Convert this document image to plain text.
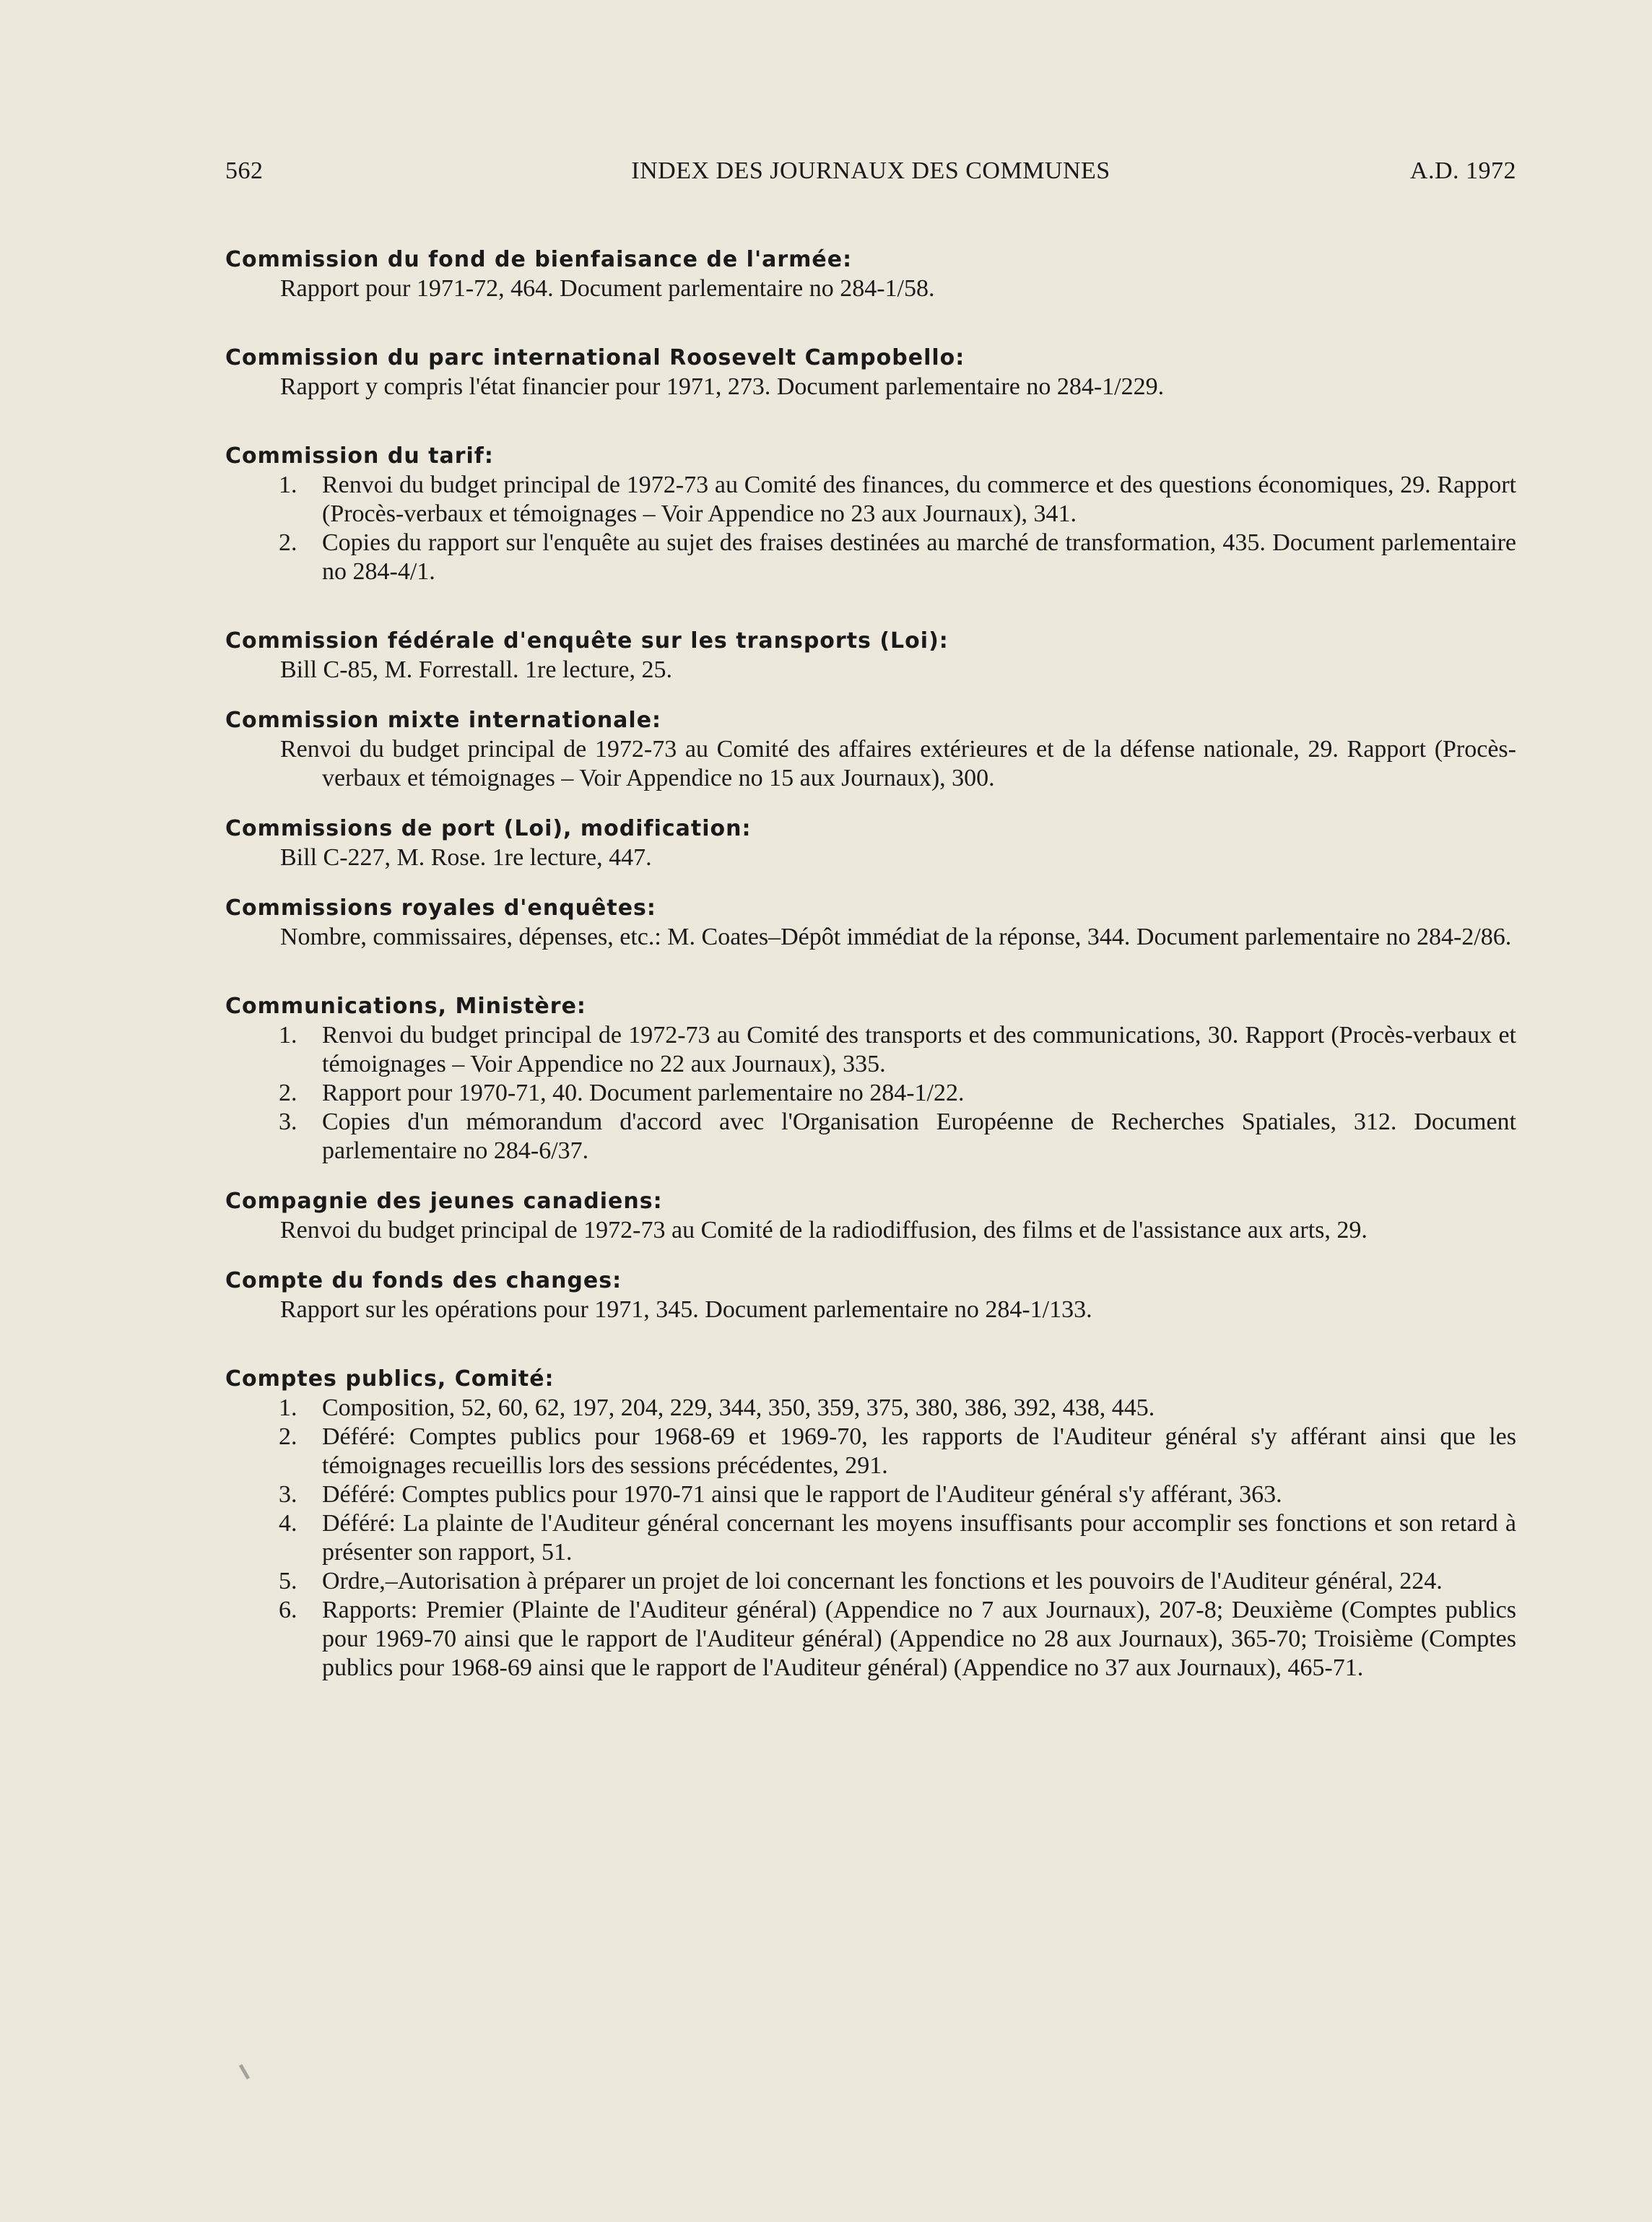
562	INDEX DES JOURNAUX DES COMMUNES	A.D. 1972
Commission du fond de bienfaisance de l'armée:
Rapport pour 1971-72, 464. Document parlementaire no 284-1/58.
Commission du parc international Roosevelt Campobello:
Rapport y compris l'état financier pour 1971, 273. Document parlementaire no 284-1/229.
Commission du tarif:
1. Renvoi du budget principal de 1972-73 au Comité des finances, du commerce et des questions économiques, 29. Rapport (Procès-verbaux et témoignages – Voir Appendice no 23 aux Journaux), 341.
2. Copies du rapport sur l'enquête au sujet des fraises destinées au marché de transformation, 435. Document parlementaire no 284-4/1.
Commission fédérale d'enquête sur les transports (Loi):
Bill C-85, M. Forrestall. 1re lecture, 25.
Commission mixte internationale:
Renvoi du budget principal de 1972-73 au Comité des affaires extérieures et de la défense nationale, 29. Rapport (Procès-verbaux et témoignages – Voir Appendice no 15 aux Journaux), 300.
Commissions de port (Loi), modification:
Bill C-227, M. Rose. 1re lecture, 447.
Commissions royales d'enquêtes:
Nombre, commissaires, dépenses, etc.: M. Coates–Dépôt immédiat de la réponse, 344. Document parlementaire no 284-2/86.
Communications, Ministère:
1. Renvoi du budget principal de 1972-73 au Comité des transports et des communications, 30. Rapport (Procès-verbaux et témoignages – Voir Appendice no 22 aux Journaux), 335.
2. Rapport pour 1970-71, 40. Document parlementaire no 284-1/22.
3. Copies d'un mémorandum d'accord avec l'Organisation Européenne de Recherches Spatiales, 312. Document parlementaire no 284-6/37.
Compagnie des jeunes canadiens:
Renvoi du budget principal de 1972-73 au Comité de la radiodiffusion, des films et de l'assistance aux arts, 29.
Compte du fonds des changes:
Rapport sur les opérations pour 1971, 345. Document parlementaire no 284-1/133.
Comptes publics, Comité:
1. Composition, 52, 60, 62, 197, 204, 229, 344, 350, 359, 375, 380, 386, 392, 438, 445.
2. Déféré: Comptes publics pour 1968-69 et 1969-70, les rapports de l'Auditeur général s'y afférant ainsi que les témoignages recueillis lors des sessions précédentes, 291.
3. Déféré: Comptes publics pour 1970-71 ainsi que le rapport de l'Auditeur général s'y afférant, 363.
4. Déféré: La plainte de l'Auditeur général concernant les moyens insuffisants pour accomplir ses fonctions et son retard à présenter son rapport, 51.
5. Ordre,–Autorisation à préparer un projet de loi concernant les fonctions et les pouvoirs de l'Auditeur général, 224.
6. Rapports: Premier (Plainte de l'Auditeur général) (Appendice no 7 aux Journaux), 207-8; Deuxième (Comptes publics pour 1969-70 ainsi que le rapport de l'Auditeur général) (Appendice no 28 aux Journaux), 365-70; Troisième (Comptes publics pour 1968-69 ainsi que le rapport de l'Auditeur général) (Appendice no 37 aux Journaux), 465-71.
